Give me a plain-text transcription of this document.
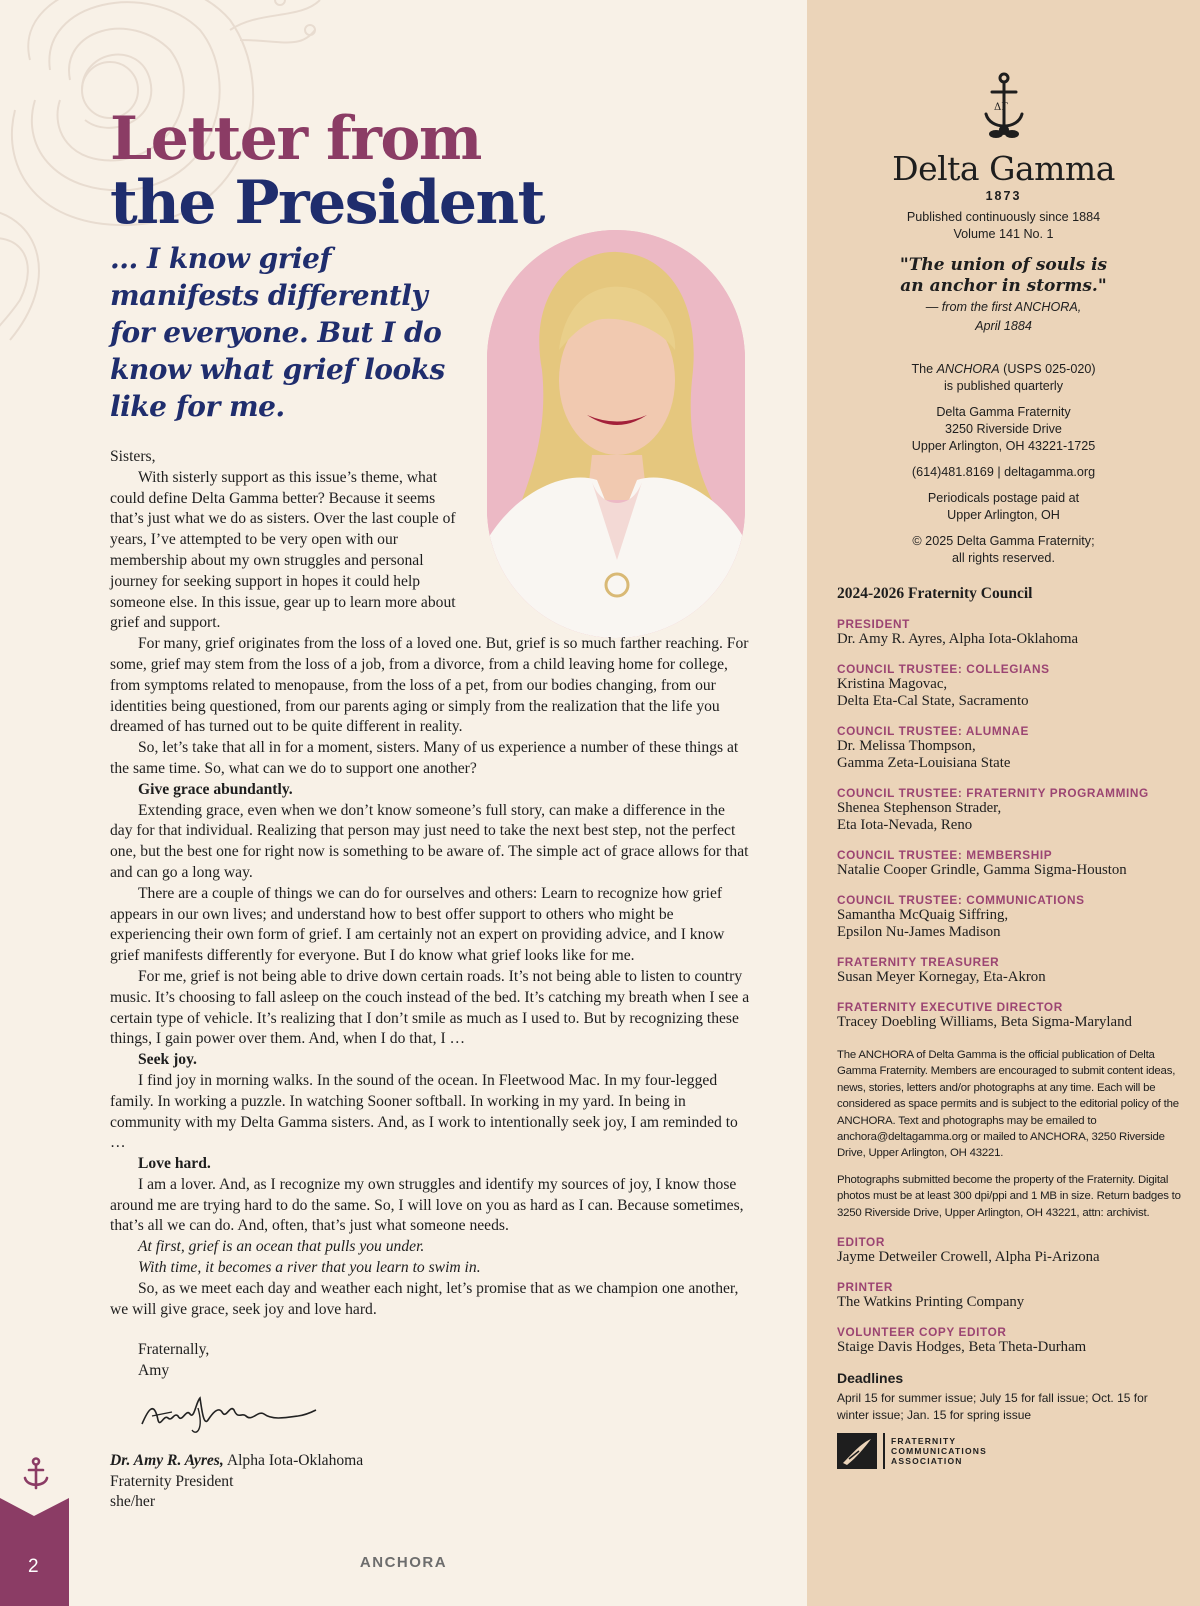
Letter from
the President
... I know grief manifests differently for everyone. But I do know what grief looks like for me.

Sisters,

With sisterly support as this issue’s theme, what could define Delta Gamma better? Because it seems that’s just what we do as sisters. Over the last couple of years, I’ve attempted to be very open with our membership about my own struggles and personal journey for seeking support in hopes it could help someone else. In this issue, gear up to learn more about grief and support.

For many, grief originates from the loss of a loved one. But, grief is so much farther reaching. For some, grief may stem from the loss of a job, from a divorce, from a child leaving home for college, from symptoms related to menopause, from the loss of a pet, from our bodies changing, from our identities being questioned, from our parents aging or simply from the realization that the life you dreamed of has turned out to be quite different in reality.

So, let’s take that all in for a moment, sisters. Many of us experience a number of these things at the same time. So, what can we do to support one another?

Give grace abundantly.

Extending grace, even when we don’t know someone’s full story, can make a difference in the day for that individual. Realizing that person may just need to take the next best step, not the perfect one, but the best one for right now is something to be aware of. The simple act of grace allows for that and can go a long way.

There are a couple of things we can do for ourselves and others: Learn to recognize how grief appears in our own lives; and understand how to best offer support to others who might be experiencing their own form of grief. I am certainly not an expert on providing advice, and I know grief manifests differently for everyone. But I do know what grief looks like for me.

For me, grief is not being able to drive down certain roads. It’s not being able to listen to country music. It’s choosing to fall asleep on the couch instead of the bed. It’s catching my breath when I see a certain type of vehicle. It’s realizing that I don’t smile as much as I used to. But by recognizing these things, I gain power over them. And, when I do that, I …

Seek joy.

I find joy in morning walks. In the sound of the ocean. In Fleetwood Mac. In my four-legged family. In working a puzzle. In watching Sooner softball. In working in my yard. In being in community with my Delta Gamma sisters. And, as I work to intentionally seek joy, I am reminded to …

Love hard.

I am a lover. And, as I recognize my own struggles and identify my sources of joy, I know those around me are trying hard to do the same. So, I will love on you as hard as I can. Because sometimes, that’s all we can do. And, often, that’s just what someone needs.

At first, grief is an ocean that pulls you under.

With time, it becomes a river that you learn to swim in.

So, as we meet each day and weather each night, let’s promise that as we champion one another, we will give grace, seek joy and love hard.

Fraternally,

Amy

Dr. Amy R. Ayres, Alpha Iota-Oklahoma

Fraternity President

she/her

2	ANCHORA
ΔΓ
Delta Gamma
1873

Published continuously since 1884

Volume 141 No. 1

"The union of souls is an anchor in storms."

— from the first ANCHORA,

April 1884

The ANCHORA (USPS 025-020)

is published quarterly

Delta Gamma Fraternity

3250 Riverside Drive

Upper Arlington, OH 43221-1725

(614)481.8169 | deltagamma.org

Periodicals postage paid at

Upper Arlington, OH

© 2025 Delta Gamma Fraternity;

all rights reserved.

2024-2026 Fraternity Council
PRESIDENT
Dr. Amy R. Ayres, Alpha Iota-Oklahoma
COUNCIL TRUSTEE: COLLEGIANS
Kristina Magovac,
Delta Eta-Cal State, Sacramento
COUNCIL TRUSTEE: ALUMNAE
Dr. Melissa Thompson,
Gamma Zeta-Louisiana State
COUNCIL TRUSTEE: FRATERNITY PROGRAMMING
Shenea Stephenson Strader,
Eta Iota-Nevada, Reno
COUNCIL TRUSTEE: MEMBERSHIP
Natalie Cooper Grindle, Gamma Sigma-Houston
COUNCIL TRUSTEE: COMMUNICATIONS
Samantha McQuaig Siffring,
Epsilon Nu-James Madison
FRATERNITY TREASURER
Susan Meyer Kornegay, Eta-Akron
FRATERNITY EXECUTIVE DIRECTOR
Tracey Doebling Williams, Beta Sigma-Maryland
The ANCHORA of Delta Gamma is the official publication of Delta Gamma Fraternity. Members are encouraged to submit content ideas, news, stories, letters and/or photographs at any time. Each will be considered as space permits and is subject to the editorial policy of the ANCHORA. Text and photographs may be emailed to anchora@deltagamma.org or mailed to ANCHORA, 3250 Riverside Drive, Upper Arlington, OH 43221.
Photographs submitted become the property of the Fraternity. Digital photos must be at least 300 dpi/ppi and 1 MB in size. Return badges to 3250 Riverside Drive, Upper Arlington, OH 43221, attn: archivist.
EDITOR
Jayme Detweiler Crowell, Alpha Pi-Arizona
PRINTER
The Watkins Printing Company
VOLUNTEER COPY EDITOR
Staige Davis Hodges, Beta Theta-Durham
Deadlines
April 15 for summer issue; July 15 for fall issue; Oct. 15 for winter issue; Jan. 15 for spring issue
FRATERNITY
COMMUNICATIONS
ASSOCIATION
